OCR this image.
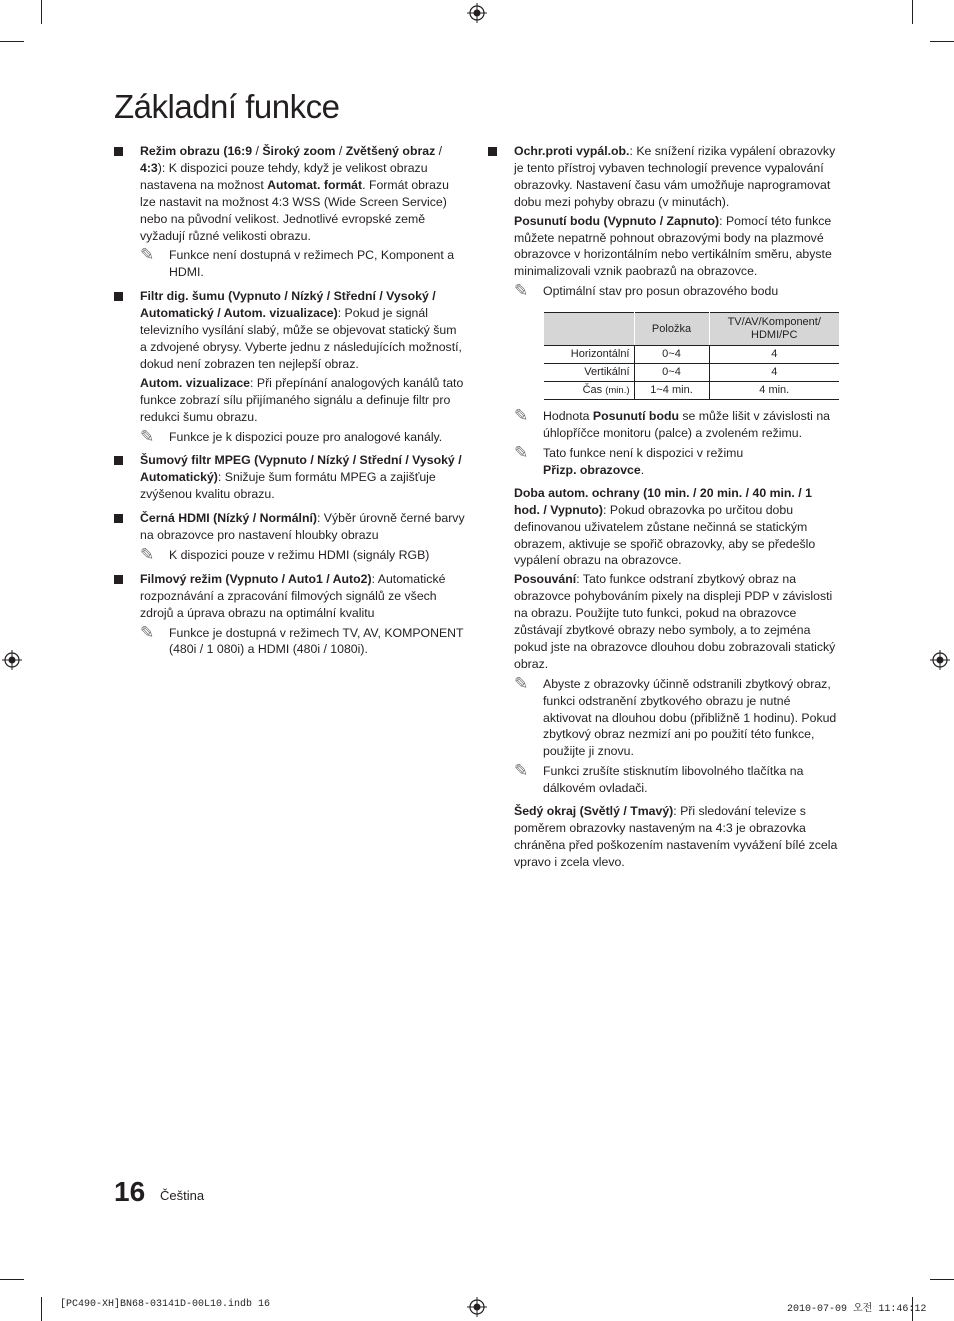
Základní funkce
Režim obrazu (16:9 / Široký zoom / Zvětšený obraz / 4:3): K dispozici pouze tehdy, když je velikost obrazu nastavena na možnost Automat. formát. Formát obrazu lze nastavit na možnost 4:3 WSS (Wide Screen Service) nebo na původní velikost. Jednotlivé evropské země vyžadují různé velikosti obrazu.
✎ Funkce není dostupná v režimech PC, Komponent a HDMI.
Filtr dig. šumu (Vypnuto / Nízký / Střední / Vysoký / Automatický / Autom. vizualizace): Pokud je signál televizního vysílání slabý, může se objevovat statický šum a zdvojené obrysy. Vyberte jednu z následujících možností, dokud není zobrazen ten nejlepší obraz.
Autom. vizualizace: Při přepínání analogových kanálů tato funkce zobrazí sílu přijímaného signálu a definuje filtr pro redukci šumu obrazu.
✎ Funkce je k dispozici pouze pro analogové kanály.
Šumový filtr MPEG (Vypnuto / Nízký / Střední / Vysoký / Automatický): Snižuje šum formátu MPEG a zajišťuje zvýšenou kvalitu obrazu.
Černá HDMI (Nízký / Normální): Výběr úrovně černé barvy na obrazovce pro nastavení hloubky obrazu
✎ K dispozici pouze v režimu HDMI (signály RGB)
Filmový režim (Vypnuto / Auto1 / Auto2): Automatické rozpoznávání a zpracování filmových signálů ze všech zdrojů a úprava obrazu na optimální kvalitu
✎ Funkce je dostupná v režimech TV, AV, KOMPONENT (480i / 1 080i) a HDMI (480i / 1080i).
Ochr.proti vypál.ob.: Ke snížení rizika vypálení obrazovky je tento přístroj vybaven technologií prevence vypalování obrazovky. Nastavení času vám umožňuje naprogramovat dobu mezi pohyby obrazu (v minutách).
Posunutí bodu (Vypnuto / Zapnuto): Pomocí této funkce můžete nepatrně pohnout obrazovými body na plazmové obrazovce v horizontálním nebo vertikálním směru, abyste minimalizovali vznik paobrazů na obrazovce.
✎ Optimální stav pro posun obrazového bodu
	Položka	TV/AV/Komponent/ HDMI/PC
Horizontální	0~4	4
Vertikální	0~4	4
Čas (min.)	1~4 min.	4 min.
✎ Hodnota Posunutí bodu se může lišit v závislosti na úhlopříčce monitoru (palce) a zvoleném režimu.
✎ Tato funkce není k dispozici v režimu
Přizp. obrazovce.
Doba autom. ochrany (10 min. / 20 min. / 40 min. / 1 hod. / Vypnuto): Pokud obrazovka po určitou dobu definovanou uživatelem zůstane nečinná se statickým obrazem, aktivuje se spořič obrazovky, aby se předešlo vypálení obrazu na obrazovce.
Posouvání: Tato funkce odstraní zbytkový obraz na obrazovce pohybováním pixely na displeji PDP v závislosti na obrazu. Použijte tuto funkci, pokud na obrazovce zůstávají zbytkové obrazy nebo symboly, a to zejména pokud jste na obrazovce dlouhou dobu zobrazovali statický obraz.
✎ Abyste z obrazovky účinně odstranili zbytkový obraz, funkci odstranění zbytkového obrazu je nutné aktivovat na dlouhou dobu (přibližně 1 hodinu). Pokud zbytkový obraz nezmizí ani po použití této funkce, použijte ji znovu.
✎ Funkci zrušíte stisknutím libovolného tlačítka na dálkovém ovladači.
Šedý okraj (Světlý / Tmavý): Při sledování televize s poměrem obrazovky nastaveným na 4:3 je obrazovka chráněna před poškozením nastavením vyvážení bílé zcela vpravo i zcela vlevo.
16 Čeština
[PC490-XH]BN68-03141D-00L10.indb 16	2010-07-09 오전 11:46:12
